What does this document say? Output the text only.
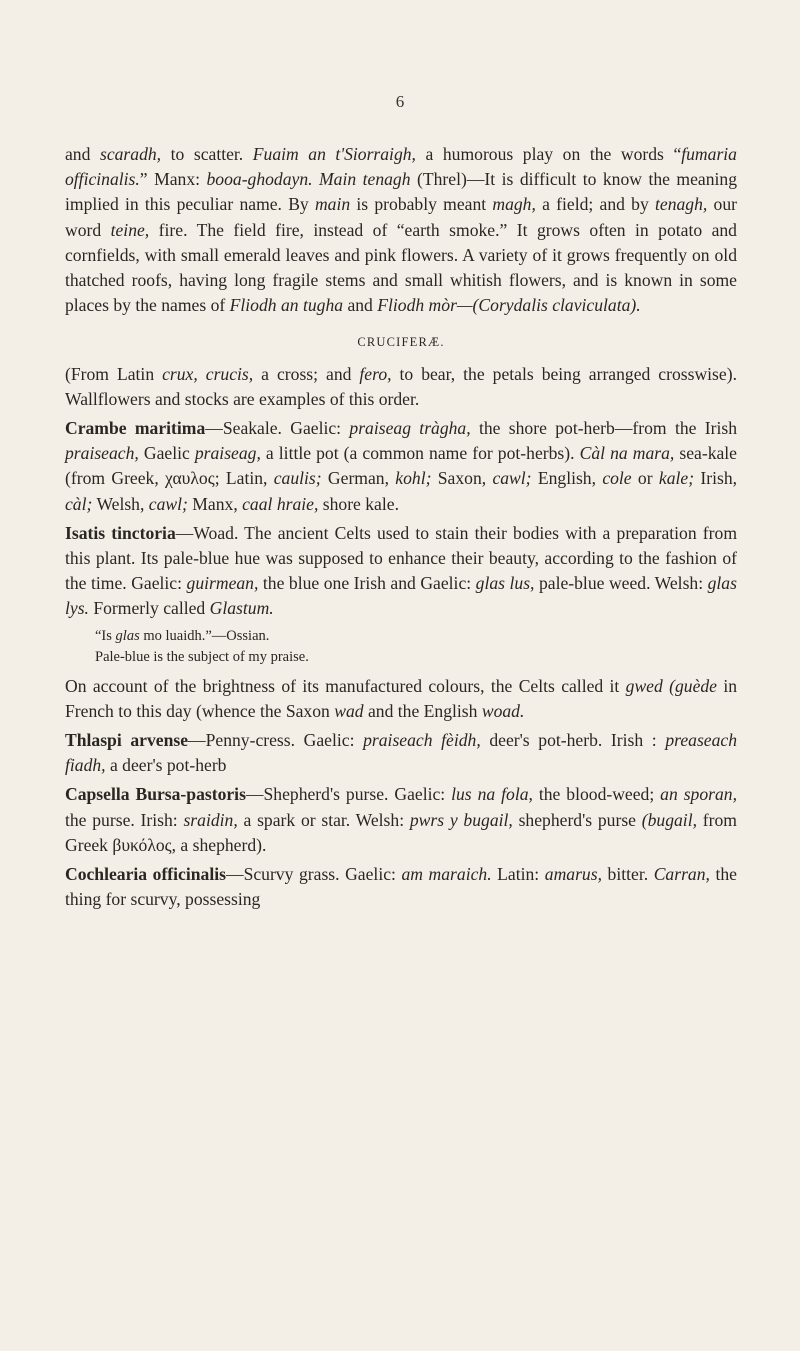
6

and scaradh, to scatter. Fuaim an t'Siorraigh, a humorous play on the words “fumaria officinalis.” Manx: booa-ghodayn. Main tenagh (Threl)—It is difficult to know the meaning implied in this peculiar name. By main is probably meant magh, a field; and by tenagh, our word teine, fire. The field fire, instead of “earth smoke.” It grows often in potato and cornfields, with small emerald leaves and pink flowers. A variety of it grows frequently on old thatched roofs, having long fragile stems and small whitish flowers, and is known in some places by the names of Fliodh an tugha and Fliodh mòr—(Corydalis claviculata).

CRUCIFERÆ.

(From Latin crux, crucis, a cross; and fero, to bear, the petals being arranged crosswise). Wallflowers and stocks are examples of this order.

Crambe maritima—Seakale. Gaelic: praiseag tràgha, the shore pot-herb—from the Irish praiseach, Gaelic praiseag, a little pot (a common name for pot-herbs). Càl na mara, sea-kale (from Greek, χαυλος; Latin, caulis; German, kohl; Saxon, cawl; English, cole or kale; Irish, càl; Welsh, cawl; Manx, caal hraie, shore kale.

Isatis tinctoria—Woad. The ancient Celts used to stain their bodies with a preparation from this plant. Its pale-blue hue was supposed to enhance their beauty, according to the fashion of the time. Gaelic: guirmean, the blue one Irish and Gaelic: glas lus, pale-blue weed. Welsh: glas lys. Formerly called Glastum.

“Is glas mo luaidh.”—Ossian.
Pale-blue is the subject of my praise.

On account of the brightness of its manufactured colours, the Celts called it gwed (guède in French to this day (whence the Saxon wad and the English woad.

Thlaspi arvense—Penny-cress. Gaelic: praiseach fèidh, deer's pot-herb. Irish : preaseach fiadh, a deer's pot-herb

Capsella Bursa-pastoris—Shepherd's purse. Gaelic: lus na fola, the blood-weed; an sporan, the purse. Irish: sraidin, a spark or star. Welsh: pwrs y bugail, shepherd's purse (bugail, from Greek βυκόλος, a shepherd).

Cochlearia officinalis—Scurvy grass. Gaelic: am maraich. Latin: amarus, bitter. Carran, the thing for scurvy, possessing
